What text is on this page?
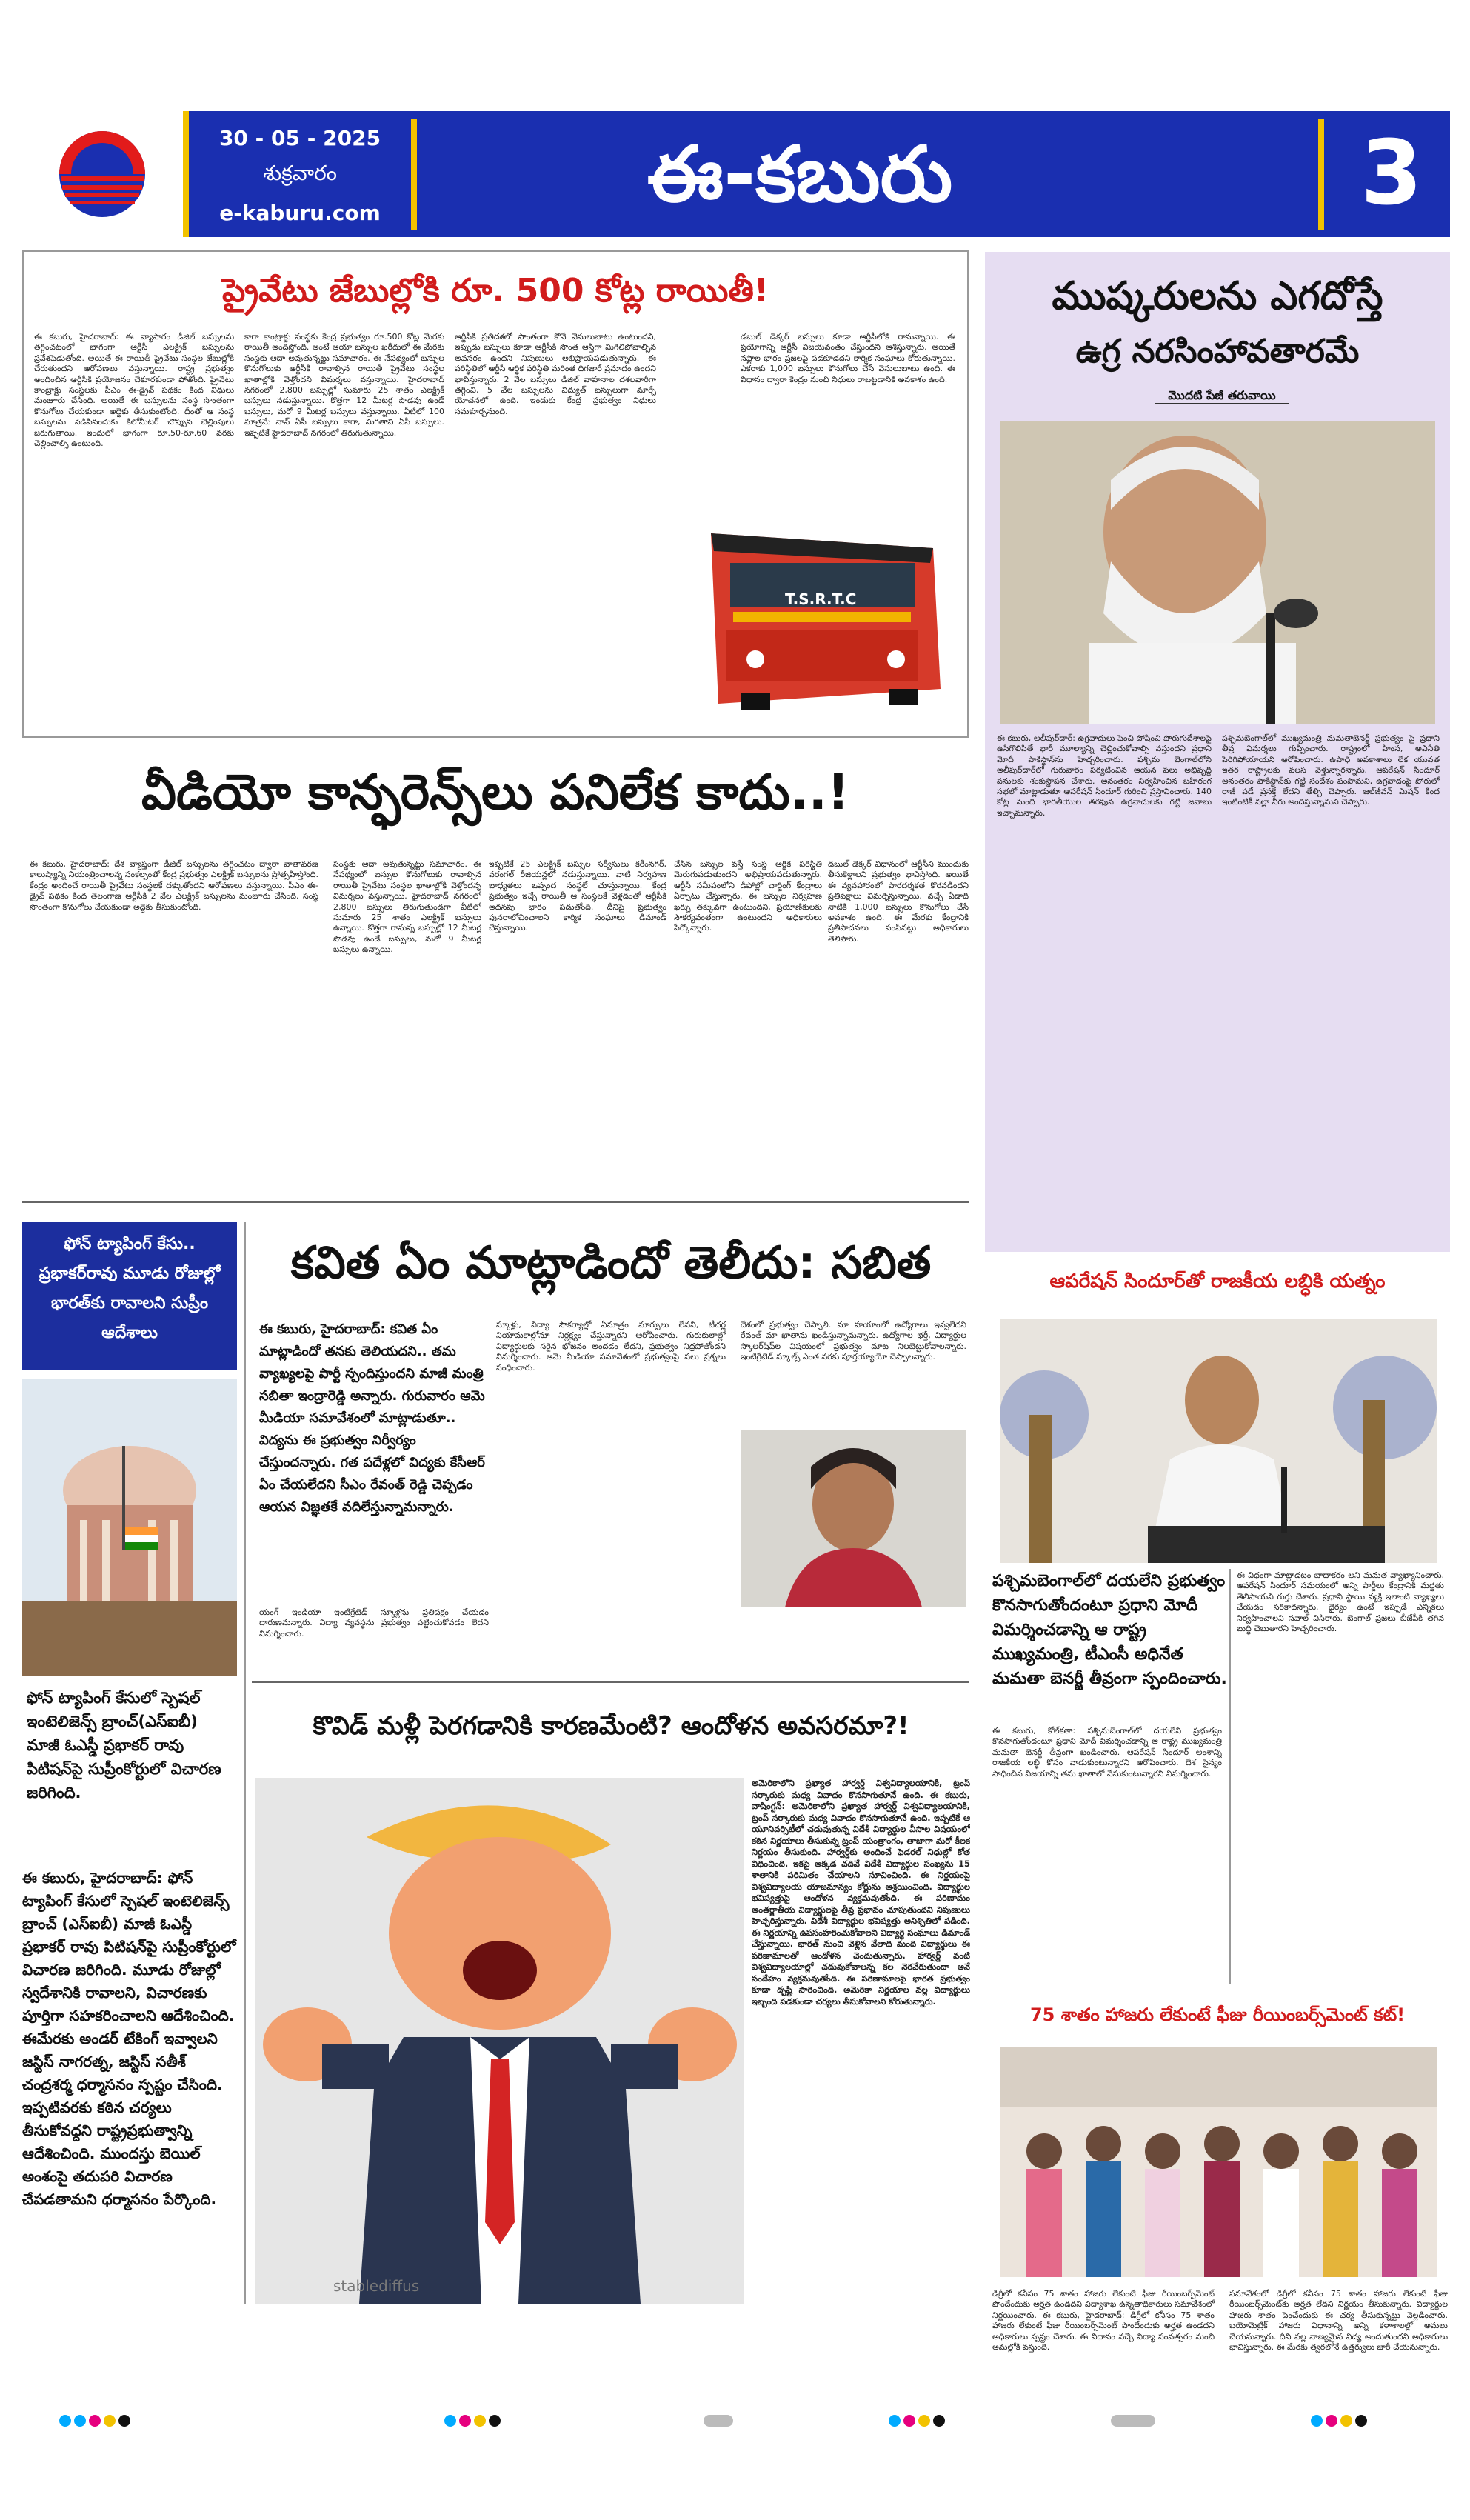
30 - 05 - 2025
శుక్రవారం
e-kaburu.com	ఈ-కబురు	3
ప్రైవేటు జేబుల్లోకి రూ. 500 కోట్ల రాయితీ!
ఈ కబురు, హైదరాబాద్: ఈ వ్యాపారం డీజిల్ బస్సులను తగ్గించటంలో భాగంగా ఆర్టీసీ ఎలక్ట్రిక్ బస్సులను ప్రవేశపెడుతోంది. అయితే ఈ రాయితీ ప్రైవేటు సంస్థల జేబుల్లోకి చేరుతుందని ఆరోపణలు వస్తున్నాయి. రాష్ట్ర ప్రభుత్వం అందించిన ఆర్టీసీకి ప్రయోజనం చేకూరకుండా పోతోంది. ప్రైవేటు కాంట్రాక్టు సంస్థలకు పీఎం ఈ-డ్రైవ్ పథకం కింద నిధులు మంజూరు చేసింది. అయితే ఈ బస్సులను సంస్థ సొంతంగా కొనుగోలు చేయకుండా అద్దెకు తీసుకుంటోంది. దీంతో ఆ సంస్థ బస్సులను నడిపినందుకు కిలోమీటర్ చొప్పున చెల్లింపులు జరుగుతాయి. ఇందులో భాగంగా రూ.50-రూ.60 వరకు చెల్లించాల్సి ఉంటుంది.
కాగా కాంట్రాక్టు సంస్థకు కేంద్ర ప్రభుత్వం రూ.500 కోట్ల మేరకు రాయితీ అందిస్తోంది. అంటే ఆయా బస్సుల ఖరీదులో ఈ మేరకు సంస్థకు ఆదా అవుతున్నట్టు సమాచారం. ఈ నేపథ్యంలో బస్సుల కొనుగోలుకు ఆర్టీసీకి రావాల్సిన రాయితీ ప్రైవేటు సంస్థల ఖాతాల్లోకి వెళ్తోందని విమర్శలు వస్తున్నాయి. హైదరాబాద్ నగరంలో 2,800 బస్సుల్లో సుమారు 25 శాతం ఎలక్ట్రిక్ బస్సులు నడుస్తున్నాయి. కొత్తగా 12 మీటర్ల పొడవు ఉండే బస్సులు, మరో 9 మీటర్ల బస్సులు వస్తున్నాయి. వీటిలో 100 మాత్రమే నాన్ ఏసీ బస్సులు కాగా, మిగతావి ఏసీ బస్సులు. ఇప్పటికే హైదరాబాద్ నగరంలో తిరుగుతున్నాయి.
ఆర్టీసీకి ప్రతిదశలో సొంతంగా కొనే వెసులుబాటు ఉంటుందని, ఇప్పుడు బస్సులు కూడా ఆర్టీసీకి సొంత ఆస్తిగా మిగిలిపోవాల్సిన అవసరం ఉందని నిపుణులు అభిప్రాయపడుతున్నారు. ఈ పరిస్థితిలో ఆర్టీసీ ఆర్థిక పరిస్థితి మరింత దిగజారే ప్రమాదం ఉందని భావిస్తున్నారు. 2 వేల బస్సులు డీజిల్ వాహనాల దశలవారీగా తగ్గించి, 5 వేల బస్సులను విద్యుత్ బస్సులుగా మార్చే యోచనలో ఉంది. ఇందుకు కేంద్ర ప్రభుత్వం నిధులు సమకూర్చనుంది.
డబుల్ డెక్కర్ బస్సులు కూడా ఆర్టీసీలోకి రానున్నాయి. ఈ ప్రయోగాన్ని ఆర్టీసీ విజయవంతం చేస్తుందని ఆశిస్తున్నారు. అయితే నష్టాల భారం ప్రజలపై పడకూడదని కార్మిక సంఘాలు కోరుతున్నాయి. ఎకరాకు 1,000 బస్సులు కొనుగోలు చేసే వెసులుబాటు ఉంది. ఈ విధానం ద్వారా కేంద్రం నుంచి నిధులు రాబట్టడానికి అవకాశం ఉంది.
T.S.R.T.C
వీడియో కాన్ఫరెన్స్‌లు పనిలేక కాదు..!
ఈ కబురు, హైదరాబాద్: దేశ వ్యాప్తంగా డీజిల్ బస్సులను తగ్గించటం ద్వారా వాతావరణ కాలుష్యాన్ని నియంత్రించాలన్న సంకల్పంతో కేంద్ర ప్రభుత్వం ఎలక్ట్రిక్ బస్సులను ప్రోత్సహిస్తోంది. కేంద్రం అందించే రాయితీ ప్రైవేటు సంస్థలకే దక్కుతోందని ఆరోపణలు వస్తున్నాయి. పీఎం ఈ-డ్రైవ్ పథకం కింద తెలంగాణ ఆర్టీసీకి 2 వేల ఎలక్ట్రిక్ బస్సులను మంజూరు చేసింది. సంస్థ సొంతంగా కొనుగోలు చేయకుండా అద్దెకు తీసుకుంటోంది.
సంస్థకు ఆదా అవుతున్నట్టు సమాచారం. ఈ నేపథ్యంలో బస్సుల కొనుగోలుకు రావాల్సిన రాయితీ ప్రైవేటు సంస్థల ఖాతాల్లోకి వెళ్తోందన్న విమర్శలు వస్తున్నాయి. హైదరాబాద్ నగరంలో 2,800 బస్సులు తిరుగుతుండగా వీటిలో సుమారు 25 శాతం ఎలక్ట్రిక్ బస్సులు ఉన్నాయి. కొత్తగా రానున్న బస్సుల్లో 12 మీటర్ల పొడవు ఉండే బస్సులు, మరో 9 మీటర్ల బస్సులు ఉన్నాయి.
ఇప్పటికే 25 ఎలక్ట్రిక్ బస్సుల సర్వీసులు కరీంనగర్, వరంగల్ రీజియన్లలో నడుస్తున్నాయి. వాటి నిర్వహణ బాధ్యతలు ఒప్పంద సంస్థలే చూస్తున్నాయి. కేంద్ర ప్రభుత్వం ఇచ్చే రాయితీ ఆ సంస్థలకే వెళ్లడంతో ఆర్టీసీకి అదనపు భారం పడుతోంది. దీనిపై ప్రభుత్వం పునరాలోచించాలని కార్మిక సంఘాలు డిమాండ్ చేస్తున్నాయి.
చేసిన బస్సుల వస్తే సంస్థ ఆర్థిక పరిస్థితి మెరుగుపడుతుందని అభిప్రాయపడుతున్నారు. ఆర్టీసీ సమీపంలోని డిపోల్లో చార్జింగ్ కేంద్రాలు ఏర్పాటు చేస్తున్నారు. ఈ బస్సుల నిర్వహణ ఖర్చు తక్కువగా ఉంటుందని, ప్రయాణికులకు సౌకర్యవంతంగా ఉంటుందని అధికారులు పేర్కొన్నారు.
డబుల్ డెక్కర్ విధానంలో ఆర్టీసీని ముందుకు తీసుకెళ్లాలని ప్రభుత్వం భావిస్తోంది. అయితే ఈ వ్యవహారంలో పారదర్శకత కొరవడిందని ప్రతిపక్షాలు విమర్శిస్తున్నాయి. వచ్చే ఏడాది నాటికి 1,000 బస్సులు కొనుగోలు చేసే అవకాశం ఉంది. ఈ మేరకు కేంద్రానికి ప్రతిపాదనలు పంపినట్టు అధికారులు తెలిపారు.
ముష్కరులను ఎగదోస్తే
ఉగ్ర నరసింహావతారమే
మొదటి పేజీ తరువాయి
ఈ కబురు, అలీపుర్‌దార్: ఉగ్రవాదులు పెంచి పోషించి పొరుగుదేశాలపై ఉసిగొలిపితే భారీ మూల్యాన్ని చెల్లించుకోవాల్సి వస్తుందని ప్రధాని మోదీ పాకిస్థాన్‌ను హెచ్చరించారు. పశ్చిమ బెంగాల్‌లోని అలీపుర్‌దార్‌లో గురువారం పర్యటించిన ఆయన పలు అభివృద్ధి పనులకు శంకుస్థాపన చేశారు. అనంతరం నిర్వహించిన బహిరంగ సభలో మాట్లాడుతూ ఆపరేషన్ సిందూర్ గురించి ప్రస్తావించారు. 140 కోట్ల మంది భారతీయుల తరఫున ఉగ్రవాదులకు గట్టి జవాబు ఇచ్చామన్నారు.
పశ్చిమబెంగాల్‌లో ముఖ్యమంత్రి మమతాబెనర్జీ ప్రభుత్వం పై ప్రధాని తీవ్ర విమర్శలు గుప్పించారు. రాష్ట్రంలో హింస, అవినీతి పెరిగిపోయాయని ఆరోపించారు. ఉపాధి అవకాశాలు లేక యువత ఇతర రాష్ట్రాలకు వలస వెళ్తున్నారన్నారు. ఆపరేషన్ సిందూర్ అనంతరం పాకిస్థాన్‌కు గట్టి సందేశం పంపామని, ఉగ్రవాదంపై పోరులో రాజీ పడే ప్రసక్తే లేదని తేల్చి చెప్పారు. జల్‌జీవన్ మిషన్ కింద ఇంటింటికీ నల్లా నీరు అందిస్తున్నామని చెప్పారు.
ఆపరేషన్ సిందూర్‌తో రాజకీయ లబ్ధికి యత్నం
పశ్చిమబెంగాల్‌లో దయలేని ప్రభుత్వం కొనసాగుతోందంటూ ప్రధాని మోదీ విమర్శించడాన్ని ఆ రాష్ట్ర ముఖ్యమంత్రి, టీఎంసీ అధినేత మమతా బెనర్జీ తీవ్రంగా స్పందించారు.
ఈ కబురు, కోల్‌కతా: పశ్చిమబెంగాల్‌లో దయలేని ప్రభుత్వం కొనసాగుతోందంటూ ప్రధాని మోదీ విమర్శించడాన్ని ఆ రాష్ట్ర ముఖ్యమంత్రి మమతా బెనర్జీ తీవ్రంగా ఖండించారు. ఆపరేషన్ సిందూర్ అంశాన్ని రాజకీయ లబ్ధి కోసం వాడుకుంటున్నారని ఆరోపించారు. దేశ సైన్యం సాధించిన విజయాన్ని తమ ఖాతాలో వేసుకుంటున్నారని విమర్శించారు.
ఈ విధంగా మాట్లాడటం బాధాకరం అని మమత వ్యాఖ్యానించారు. ఆపరేషన్ సిందూర్ సమయంలో అన్ని పార్టీలు కేంద్రానికి మద్దతు తెలిపాయని గుర్తు చేశారు. ప్రధాని స్థాయి వ్యక్తి ఇలాంటి వ్యాఖ్యలు చేయడం సరికాదన్నారు. ధైర్యం ఉంటే ఇప్పుడే ఎన్నికలు నిర్వహించాలని సవాల్ విసిరారు. బెంగాల్ ప్రజలు బీజేపీకి తగిన బుద్ధి చెబుతారని హెచ్చరించారు.
ఫోన్ ట్యాపింగ్ కేసు.. ప్రభాకర్‌రావు మూడు రోజుల్లో భారత్‌కు రావాలని సుప్రీం ఆదేశాలు
ఫోన్ ట్యాపింగ్ కేసులో స్పెషల్ ఇంటెలిజెన్స్ బ్రాంచ్(ఎస్ఐబీ) మాజీ ఓఎస్డీ ప్రభాకర్ రావు పిటిషన్‌పై సుప్రీంకోర్టులో విచారణ జరిగింది.
ఈ కబురు, హైదరాబాద్: ఫోన్ ట్యాపింగ్ కేసులో స్పెషల్ ఇంటెలిజెన్స్ బ్రాంచ్ (ఎస్ఐబీ) మాజీ ఓఎస్డీ ప్రభాకర్ రావు పిటిషన్‌పై సుప్రీంకోర్టులో విచారణ జరిగింది. మూడు రోజుల్లో స్వదేశానికి రావాలని, విచారణకు పూర్తిగా సహకరించాలని ఆదేశించింది. ఈమేరకు అండర్ టేకింగ్ ఇవ్వాలని జస్టిస్ నాగరత్న, జస్టిస్ సతీశ్ చంద్రశర్మ ధర్మాసనం స్పష్టం చేసింది. ఇప్పటివరకు కఠిన చర్యలు తీసుకోవద్దని రాష్ట్రప్రభుత్వాన్ని ఆదేశించింది. ముందస్తు బెయిల్ అంశంపై తదుపరి విచారణ చేపడతామని ధర్మాసనం పేర్కొంది.
కవిత ఏం మాట్లాడిందో తెలీదు: సబిత
ఈ కబురు, హైదరాబాద్: కవిత ఏం మాట్లాడిందో తనకు తెలియదని.. తమ వ్యాఖ్యలపై పార్టీ స్పందిస్తుందని మాజీ మంత్రి సబితా ఇంద్రారెడ్డి అన్నారు. గురువారం ఆమె మీడియా సమావేశంలో మాట్లాడుతూ.. విద్యను ఈ ప్రభుత్వం నిర్వీర్యం చేస్తుందన్నారు. గత పదేళ్లలో విద్యకు కేసీఆర్ ఏం చేయలేదని సీఎం రేవంత్ రెడ్డి చెప్పడం ఆయన విజ్ఞతకే వదిలేస్తున్నామన్నారు.
యంగ్ ఇండియా ఇంటిగ్రేటెడ్ స్కూళ్లను ప్రతిపక్షం చేయడం దారుణమన్నారు. విద్యా వ్యవస్థను ప్రభుత్వం పట్టించుకోవడం లేదని విమర్శించారు.
స్కూళ్లు, విద్యా సౌకర్యాల్లో ఏమాత్రం మార్పులు లేవని, టీచర్ల నియామకాల్లోనూ నిర్లక్ష్యం చేస్తున్నారని ఆరోపించారు. గురుకులాల్లో విద్యార్థులకు సరైన భోజనం అందడం లేదని, ప్రభుత్వం నిద్రపోతోందని విమర్శించారు. ఆమె మీడియా సమావేశంలో ప్రభుత్వంపై పలు ప్రశ్నలు సంధించారు.
దేశంలో ప్రభుత్వం చెప్పాలి. మా హయాంలో ఉద్యోగాలు ఇవ్వలేదని రేవంత్ మా ఖాతాను ఖండిస్తున్నామన్నారు. ఉద్యోగాల భర్తీ, విద్యార్థుల స్కాలర్‌షిప్‌ల విషయంలో ప్రభుత్వం మాట నిలబెట్టుకోవాలన్నారు. ఇంటిగ్రేటెడ్ స్కూల్స్ ఎంత వరకు పూర్తయ్యాయో చెప్పాలన్నారు.
కొవిడ్ మళ్లీ పెరగడానికి కారణమేంటి? ఆందోళన అవసరమా?!
stablediffus
అమెరికాలోని ప్రఖ్యాత హార్వర్డ్ విశ్వవిద్యాలయానికి, ట్రంప్ సర్కారుకు మధ్య వివాదం కొనసాగుతూనే ఉంది. ఈ కబురు, వాషింగ్టన్: అమెరికాలోని ప్రఖ్యాత హార్వర్డ్ విశ్వవిద్యాలయానికి, ట్రంప్ సర్కారుకు మధ్య వివాదం కొనసాగుతూనే ఉంది. ఇప్పటికే ఆ యూనివర్సిటీలో చదువుతున్న విదేశీ విద్యార్థుల వీసాల విషయంలో కఠిన నిర్ణయాలు తీసుకున్న ట్రంప్ యంత్రాంగం, తాజాగా మరో కీలక నిర్ణయం తీసుకుంది. హార్వర్డ్‌కు అందించే ఫెడరల్ నిధుల్లో కోత విధించింది. ఇకపై అక్కడ చదివే విదేశీ విద్యార్థుల సంఖ్యను 15 శాతానికి పరిమితం చేయాలని సూచించింది. ఈ నిర్ణయంపై విశ్వవిద్యాలయ యాజమాన్యం కోర్టును ఆశ్రయించింది. విద్యార్థుల భవిష్యత్తుపై ఆందోళన వ్యక్తమవుతోంది. ఈ పరిణామం అంతర్జాతీయ విద్యార్థులపై తీవ్ర ప్రభావం చూపుతుందని నిపుణులు హెచ్చరిస్తున్నారు. విదేశీ విద్యార్థుల భవిష్యత్తు అనిశ్చితిలో పడింది. ఈ నిర్ణయాన్ని ఉపసంహరించుకోవాలని విద్యార్థి సంఘాలు డిమాండ్ చేస్తున్నాయి. భారత్ నుంచి వెళ్లిన వేలాది మంది విద్యార్థులు ఈ పరిణామాలతో ఆందోళన చెందుతున్నారు. హార్వర్డ్ వంటి విశ్వవిద్యాలయాల్లో చదువుకోవాలన్న కల నెరవేరుతుందా అనే సందేహం వ్యక్తమవుతోంది. ఈ పరిణామాలపై భారత ప్రభుత్వం కూడా దృష్టి సారించింది. అమెరికా నిర్ణయాల వల్ల విద్యార్థులు ఇబ్బంది పడకుండా చర్యలు తీసుకోవాలని కోరుతున్నారు.
75 శాతం హాజరు లేకుంటే ఫీజు రీయింబర్స్‌మెంట్ కట్!
డిగ్రీలో కనీసం 75 శాతం హాజరు లేకుంటే ఫీజు రీయింబర్స్‌మెంట్ పొందేందుకు అర్హత ఉండదని విద్యాశాఖ ఉన్నతాధికారులు సమావేశంలో నిర్ణయించారు. ఈ కబురు, హైదరాబాద్: డిగ్రీలో కనీసం 75 శాతం హాజరు లేకుంటే ఫీజు రీయింబర్స్‌మెంట్ పొందేందుకు అర్హత ఉండదని అధికారులు స్పష్టం చేశారు. ఈ విధానం వచ్చే విద్యా సంవత్సరం నుంచి అమల్లోకి వస్తుంది.
సమావేశంలో డిగ్రీలో కనీసం 75 శాతం హాజరు లేకుంటే ఫీజు రీయింబర్స్‌మెంట్‌కు అర్హత లేదని నిర్ణయం తీసుకున్నారు. విద్యార్థుల హాజరు శాతం పెంచేందుకు ఈ చర్య తీసుకున్నట్టు వెల్లడించారు. బయోమెట్రిక్ హాజరు విధానాన్ని అన్ని కళాశాలల్లో అమలు చేయనున్నారు. దీని వల్ల నాణ్యమైన విద్య అందుతుందని అధికారులు భావిస్తున్నారు. ఈ మేరకు త్వరలోనే ఉత్తర్వులు జారీ చేయనున్నారు.
